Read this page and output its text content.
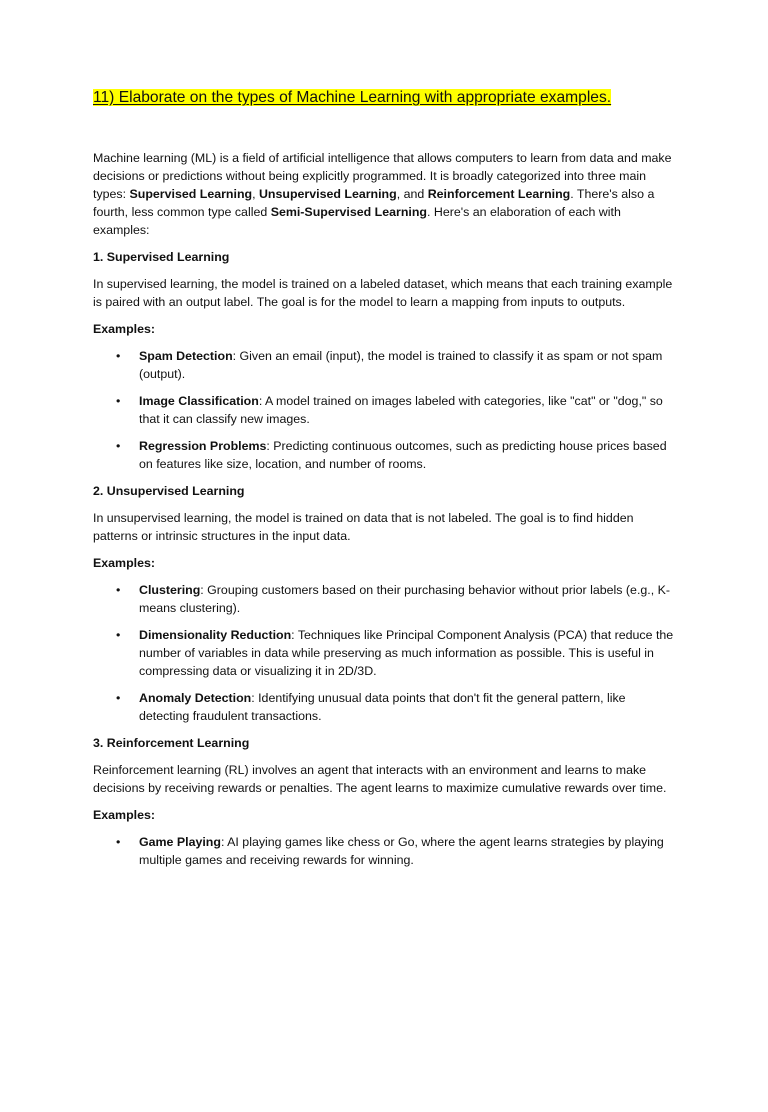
11) Elaborate on the types of Machine Learning with appropriate examples.

Machine learning (ML) is a field of artificial intelligence that allows computers to learn from data and make decisions or predictions without being explicitly programmed. It is broadly categorized into three main types: Supervised Learning, Unsupervised Learning, and Reinforcement Learning. There's also a fourth, less common type called Semi-Supervised Learning. Here's an elaboration of each with examples:

1. Supervised Learning

In supervised learning, the model is trained on a labeled dataset, which means that each training example is paired with an output label. The goal is for the model to learn a mapping from inputs to outputs.

Examples:

• Spam Detection: Given an email (input), the model is trained to classify it as spam or not spam (output).
• Image Classification: A model trained on images labeled with categories, like "cat" or "dog," so that it can classify new images.
• Regression Problems: Predicting continuous outcomes, such as predicting house prices based on features like size, location, and number of rooms.

2. Unsupervised Learning

In unsupervised learning, the model is trained on data that is not labeled. The goal is to find hidden patterns or intrinsic structures in the input data.

Examples:

• Clustering: Grouping customers based on their purchasing behavior without prior labels (e.g., K-means clustering).
• Dimensionality Reduction: Techniques like Principal Component Analysis (PCA) that reduce the number of variables in data while preserving as much information as possible. This is useful in compressing data or visualizing it in 2D/3D.
• Anomaly Detection: Identifying unusual data points that don't fit the general pattern, like detecting fraudulent transactions.

3. Reinforcement Learning

Reinforcement learning (RL) involves an agent that interacts with an environment and learns to make decisions by receiving rewards or penalties. The agent learns to maximize cumulative rewards over time.

Examples:

• Game Playing: AI playing games like chess or Go, where the agent learns strategies by playing multiple games and receiving rewards for winning.
